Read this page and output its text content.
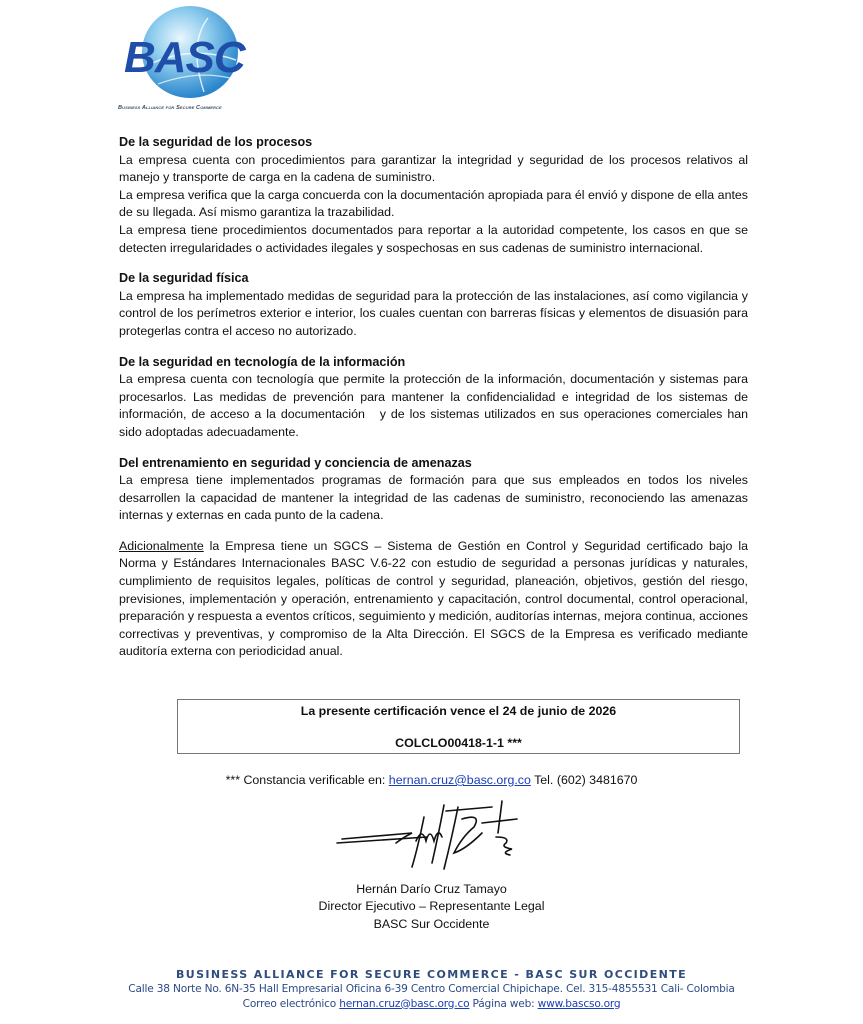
BASC
Business Alliance for Secure Commerce
De la seguridad de los procesos

La empresa cuenta con procedimientos para garantizar la integridad y seguridad de los procesos relativos al manejo y transporte de carga en la cadena de suministro.

La empresa verifica que la carga concuerda con la documentación apropiada para él envió y dispone de ella antes de su llegada. Así mismo garantiza la trazabilidad.

La empresa tiene procedimientos documentados para reportar a la autoridad competente, los casos en que se detecten irregularidades o actividades ilegales y sospechosas en sus cadenas de suministro internacional.

De la seguridad física

La empresa ha implementado medidas de seguridad para la protección de las instalaciones, así como vigilancia y control de los perímetros exterior e interior, los cuales cuentan con barreras físicas y elementos de disuasión para protegerlas contra el acceso no autorizado.

De la seguridad en tecnología de la información

La empresa cuenta con tecnología que permite la protección de la información, documentación y sistemas para procesarlos. Las medidas de prevención para mantener la confidencialidad e integridad de los sistemas de información, de acceso a la documentación   y de los sistemas utilizados en sus operaciones comerciales han sido adoptadas adecuadamente.

Del entrenamiento en seguridad y conciencia de amenazas

La empresa tiene implementados programas de formación para que sus empleados en todos los niveles desarrollen la capacidad de mantener la integridad de las cadenas de suministro, reconociendo las amenazas internas y externas en cada punto de la cadena.

Adicionalmente la Empresa tiene un SGCS – Sistema de Gestión en Control y Seguridad certificado bajo la Norma y Estándares Internacionales BASC V.6-22 con estudio de seguridad a personas jurídicas y naturales, cumplimiento de requisitos legales, políticas de control y seguridad, planeación, objetivos, gestión del riesgo, previsiones, implementación y operación, entrenamiento y capacitación, control documental, control operacional, preparación y respuesta a eventos críticos, seguimiento y medición, auditorías internas, mejora continua, acciones correctivas y preventivas, y compromiso de la Alta Dirección. El SGCS de la Empresa es verificado mediante auditoría externa con periodicidad anual.

La presente certificación vence el 24 de junio de 2026
COLCLO00418-1-1 ***
*** Constancia verificable en: hernan.cruz@basc.org.co Tel. (602) 3481670
Hernán Darío Cruz Tamayo
Director Ejecutivo – Representante Legal
BASC Sur Occidente
BUSINESS ALLIANCE FOR SECURE COMMERCE - BASC SUR OCCIDENTE
Calle 38 Norte No. 6N-35 Hall Empresarial Oficina 6-39 Centro Comercial Chipichape. Cel. 315-4855531 Cali- Colombia
Correo electrónico hernan.cruz@basc.org.co Página web: www.bascso.org
